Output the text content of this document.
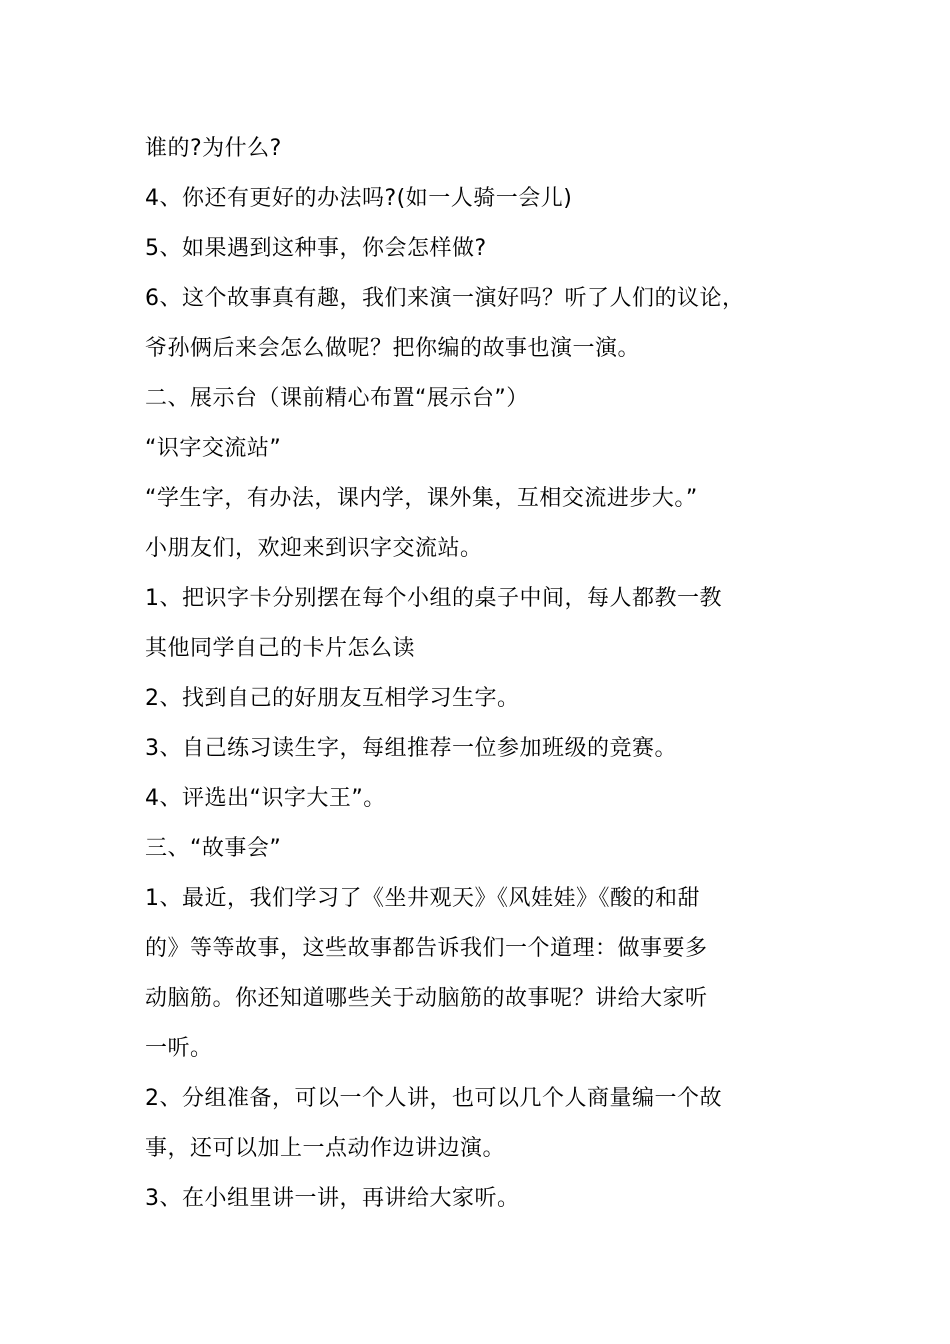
谁的?为什么?
4、你还有更好的办法吗?(如一人骑一会儿)
5、如果遇到这种事，你会怎样做?
6、这个故事真有趣，我们来演一演好吗？听了人们的议论，
爷孙俩后来会怎么做呢？把你编的故事也演一演。
二、展示台（课前精心布置“展示台”）
“识字交流站”
“学生字，有办法，课内学，课外集，互相交流进步大。”
小朋友们，欢迎来到识字交流站。
1、把识字卡分别摆在每个小组的桌子中间，每人都教一教
其他同学自己的卡片怎么读
2、找到自己的好朋友互相学习生字。
3、自己练习读生字，每组推荐一位参加班级的竞赛。
4、评选出“识字大王”。
三、“故事会”
1、最近，我们学习了《坐井观天》《风娃娃》《酸的和甜
的》等等故事，这些故事都告诉我们一个道理：做事要多
动脑筋。你还知道哪些关于动脑筋的故事呢？讲给大家听
一听。
2、分组准备，可以一个人讲，也可以几个人商量编一个故
事，还可以加上一点动作边讲边演。
3、在小组里讲一讲，再讲给大家听。
